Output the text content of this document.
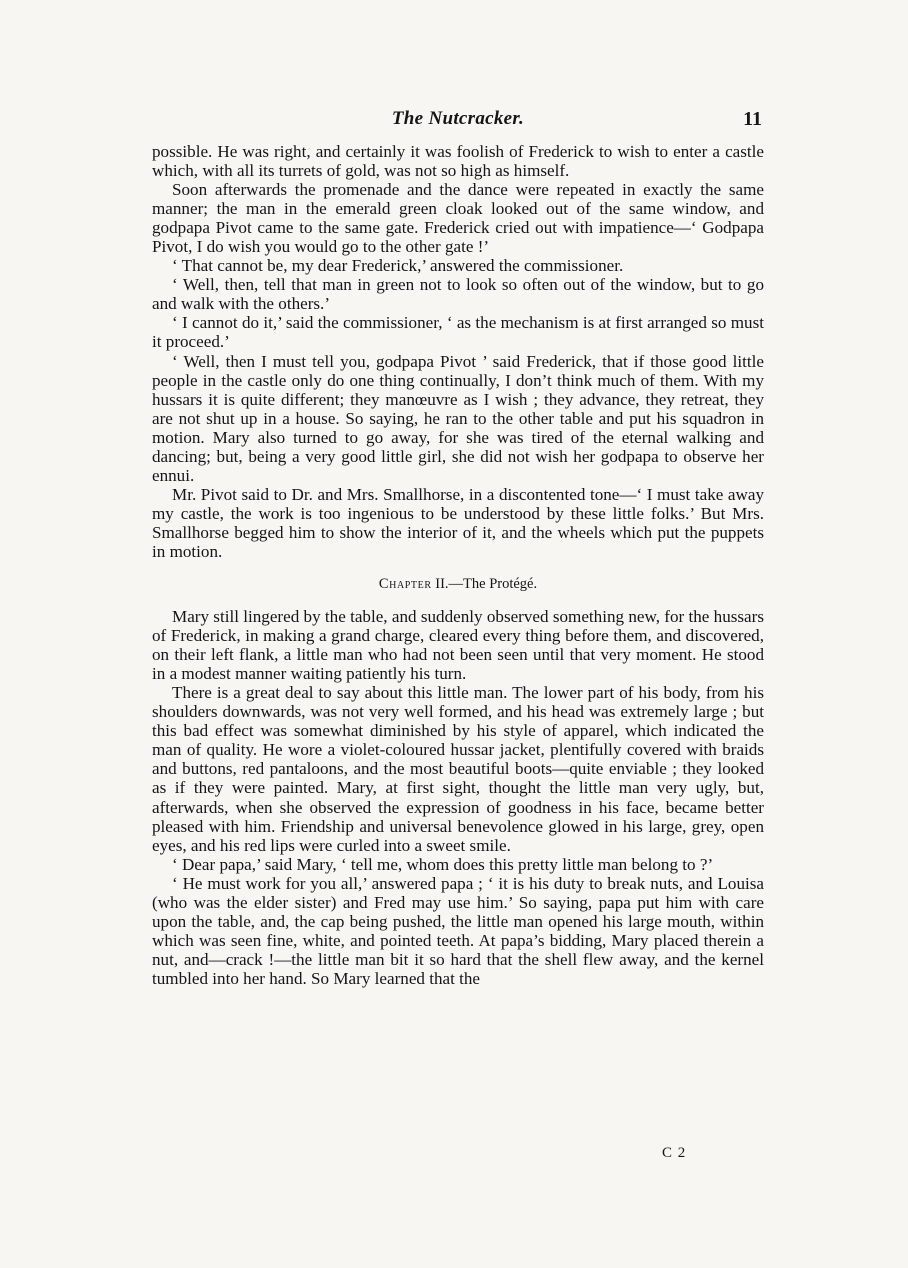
The Nutcracker.	11

possible. He was right, and certainly it was foolish of Frederick to wish to enter a castle which, with all its turrets of gold, was not so high as himself.

Soon afterwards the promenade and the dance were repeated in exactly the same manner; the man in the emerald green cloak looked out of the same window, and godpapa Pivot came to the same gate. Frederick cried out with impatience—‘ Godpapa Pivot, I do wish you would go to the other gate !’

‘ That cannot be, my dear Frederick,’ answered the commissioner.

‘ Well, then, tell that man in green not to look so often out of the window, but to go and walk with the others.’

‘ I cannot do it,’ said the commissioner, ‘ as the mechanism is at first arranged so must it proceed.’

‘ Well, then I must tell you, godpapa Pivot ’ said Frederick, that if those good little people in the castle only do one thing continually, I don’t think much of them. With my hussars it is quite different; they manœuvre as I wish ; they advance, they retreat, they are not shut up in a house. So saying, he ran to the other table and put his squadron in motion. Mary also turned to go away, for she was tired of the eternal walking and dancing; but, being a very good little girl, she did not wish her godpapa to observe her ennui.

Mr. Pivot said to Dr. and Mrs. Smallhorse, in a discontented tone—‘ I must take away my castle, the work is too ingenious to be understood by these little folks.’ But Mrs. Smallhorse begged him to show the interior of it, and the wheels which put the puppets in motion.

Chapter II.—The Protégé.

Mary still lingered by the table, and suddenly observed something new, for the hussars of Frederick, in making a grand charge, cleared every thing before them, and discovered, on their left flank, a little man who had not been seen until that very moment. He stood in a modest manner waiting patiently his turn.

There is a great deal to say about this little man. The lower part of his body, from his shoulders downwards, was not very well formed, and his head was extremely large ; but this bad effect was somewhat diminished by his style of apparel, which indicated the man of quality. He wore a violet-coloured hussar jacket, plentifully covered with braids and buttons, red pantaloons, and the most beautiful boots—quite enviable ; they looked as if they were painted. Mary, at first sight, thought the little man very ugly, but, afterwards, when she observed the expression of goodness in his face, became better pleased with him. Friendship and universal benevolence glowed in his large, grey, open eyes, and his red lips were curled into a sweet smile.

‘ Dear papa,’ said Mary, ‘ tell me, whom does this pretty little man belong to ?’

‘ He must work for you all,’ answered papa ; ‘ it is his duty to break nuts, and Louisa (who was the elder sister) and Fred may use him.’ So saying, papa put him with care upon the table, and, the cap being pushed, the little man opened his large mouth, within which was seen fine, white, and pointed teeth. At papa’s bidding, Mary placed therein a nut, and—crack !—the little man bit it so hard that the shell flew away, and the kernel tumbled into her hand. So Mary learned that the

C 2
